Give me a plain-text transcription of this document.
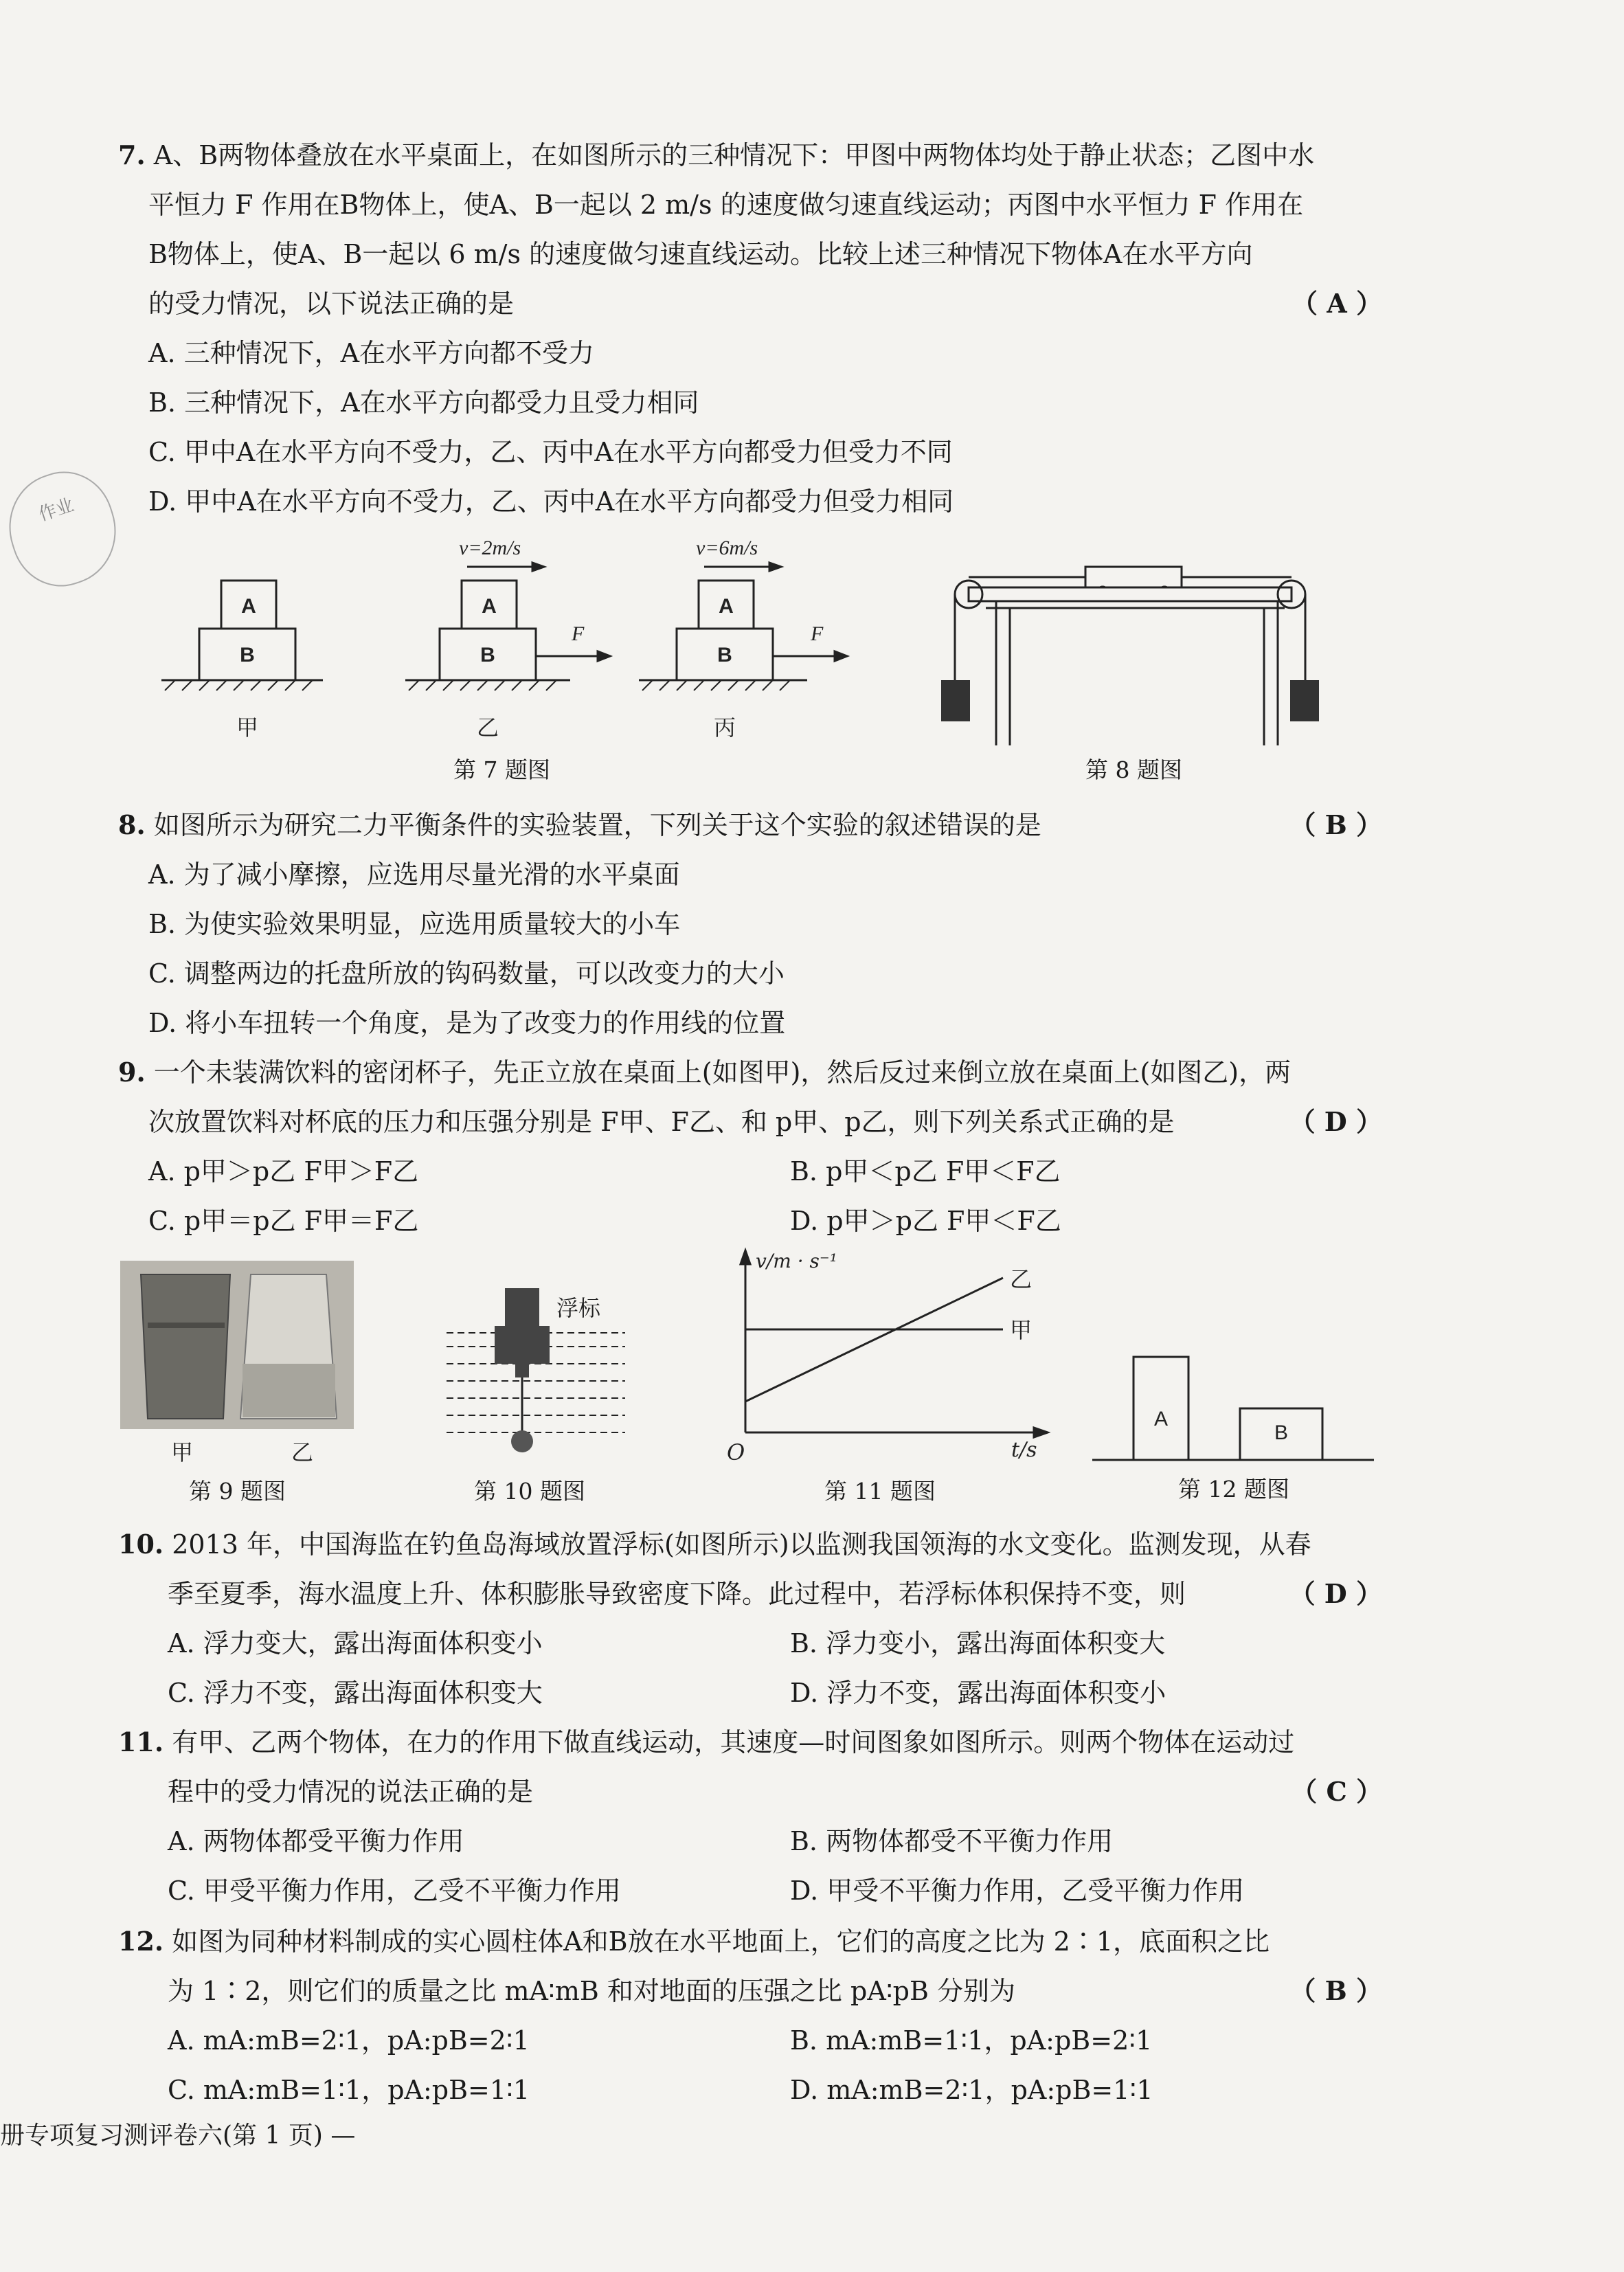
作业
7. A、B两物体叠放在水平桌面上，在如图所示的三种情况下：甲图中两物体均处于静止状态；乙图中水
平恒力 F 作用在B物体上，使A、B一起以 2 m/s 的速度做匀速直线运动；丙图中水平恒力 F 作用在
B物体上，使A、B一起以 6 m/s 的速度做匀速直线运动。比较上述三种情况下物体A在水平方向
的受力情况，以下说法正确的是	（ A ）
A. 三种情况下，A在水平方向都不受力
B. 三种情况下，A在水平方向都受力且受力相同
C. 甲中A在水平方向不受力，乙、丙中A在水平方向都受力但受力不同
D. 甲中A在水平方向不受力，乙、丙中A在水平方向都受力但受力相同
A
B
A
B
A
B
F	F
v=2m/s	v=6m/s
甲	乙	丙
第 7 题图	第 8 题图
8. 如图所示为研究二力平衡条件的实验装置，下列关于这个实验的叙述错误的是	（ B ）
A. 为了减小摩擦，应选用尽量光滑的水平桌面
B. 为使实验效果明显，应选用质量较大的小车
C. 调整两边的托盘所放的钩码数量，可以改变力的大小
D. 将小车扭转一个角度，是为了改变力的作用线的位置
9. 一个未装满饮料的密闭杯子，先正立放在桌面上(如图甲)，然后反过来倒立放在桌面上(如图乙)，两
次放置饮料对杯底的压力和压强分别是 F甲、F乙、和 p甲、p乙，则下列关系式正确的是	（ D ）
A. p甲＞p乙 F甲＞F乙	B. p甲＜p乙 F甲＜F乙
C. p甲＝p乙 F甲＝F乙	D. p甲＞p乙 F甲＜F乙
甲	乙
第 9 题图
浮标
第 10 题图
v/m · s⁻¹
t/s
O
乙
甲
第 11 题图
A
B
第 12 题图
10. 2013 年，中国海监在钓鱼岛海域放置浮标(如图所示)以监测我国领海的水文变化。监测发现，从春
季至夏季，海水温度上升、体积膨胀导致密度下降。此过程中，若浮标体积保持不变，则	（ D ）
A. 浮力变大，露出海面体积变小	B. 浮力变小，露出海面体积变大
C. 浮力不变，露出海面体积变大	D. 浮力不变，露出海面体积变小
11. 有甲、乙两个物体，在力的作用下做直线运动，其速度—时间图象如图所示。则两个物体在运动过
程中的受力情况的说法正确的是	（ C ）
A. 两物体都受平衡力作用	B. 两物体都受不平衡力作用
C. 甲受平衡力作用，乙受不平衡力作用	D. 甲受不平衡力作用，乙受平衡力作用
12. 如图为同种材料制成的实心圆柱体A和B放在水平地面上，它们的高度之比为 2∶1，底面积之比
为 1∶2，则它们的质量之比 mA∶mB 和对地面的压强之比 pA∶pB 分别为	（ B ）
A. mA:mB=2∶1，pA:pB=2∶1	B. mA:mB=1∶1，pA:pB=2∶1
C. mA:mB=1∶1，pA:pB=1∶1	D. mA:mB=2∶1，pA:pB=1∶1
册专项复习测评卷六(第 1 页) —
